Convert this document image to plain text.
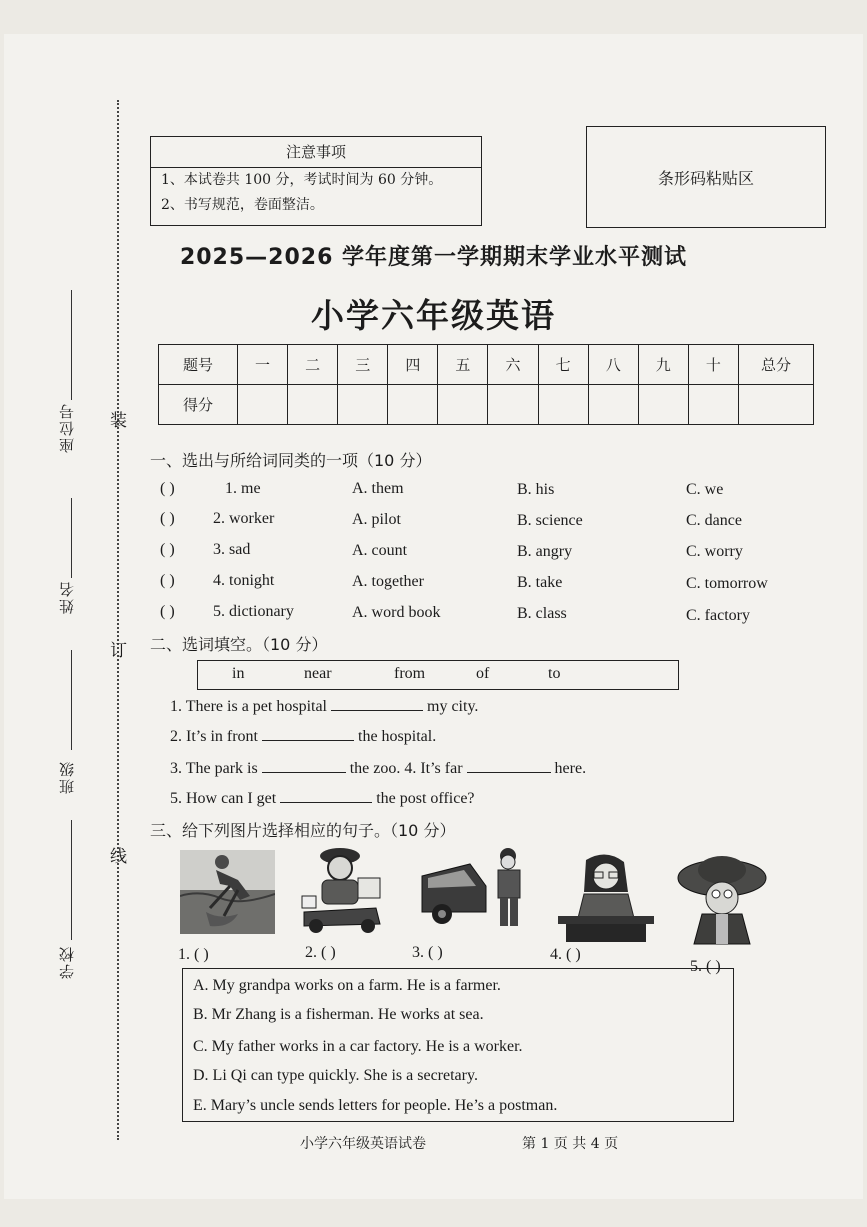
座位号
姓名
班级
学校
装
订
线
注意事项
1、本试卷共 100 分，考试时间为 60 分钟。
2、书写规范，卷面整洁。
条形码粘贴区
2025—2026 学年度第一学期期末学业水平测试
小学六年级英语
题号	一	二	三	四	五	六	七	八	九	十	总分
得分											
一、选出与所给词同类的一项（10 分）
( )	1. me	A. them	B. his	C. we
( ) 2. worker	A. pilot	B. science	C. dance
( ) 3. sad	A. count	B. angry	C. worry
( ) 4. tonight	A. together	B. take	C. tomorrow
( ) 5. dictionary	A. word book	B. class	C. factory
二、选词填空。（10 分）
in	near	from	of	to
1. There is a pet hospital	my city.
2. It’s in front	the hospital.
3. The park is	the zoo. 4. It’s far	here.
5. How can I get	the post office?
三、给下列图片选择相应的句子。（10 分）
1. ( )	2. ( )	3. ( )	4. ( )
5. ( )
A. My grandpa works on a farm. He is a farmer.
B. Mr Zhang is a fisherman. He works at sea.
C. My father works in a car factory. He is a worker.
D. Li Qi can type quickly. She is a secretary.
E. Mary’s uncle sends letters for people. He’s a postman.
小学六年级英语试卷	第 1 页 共 4 页
